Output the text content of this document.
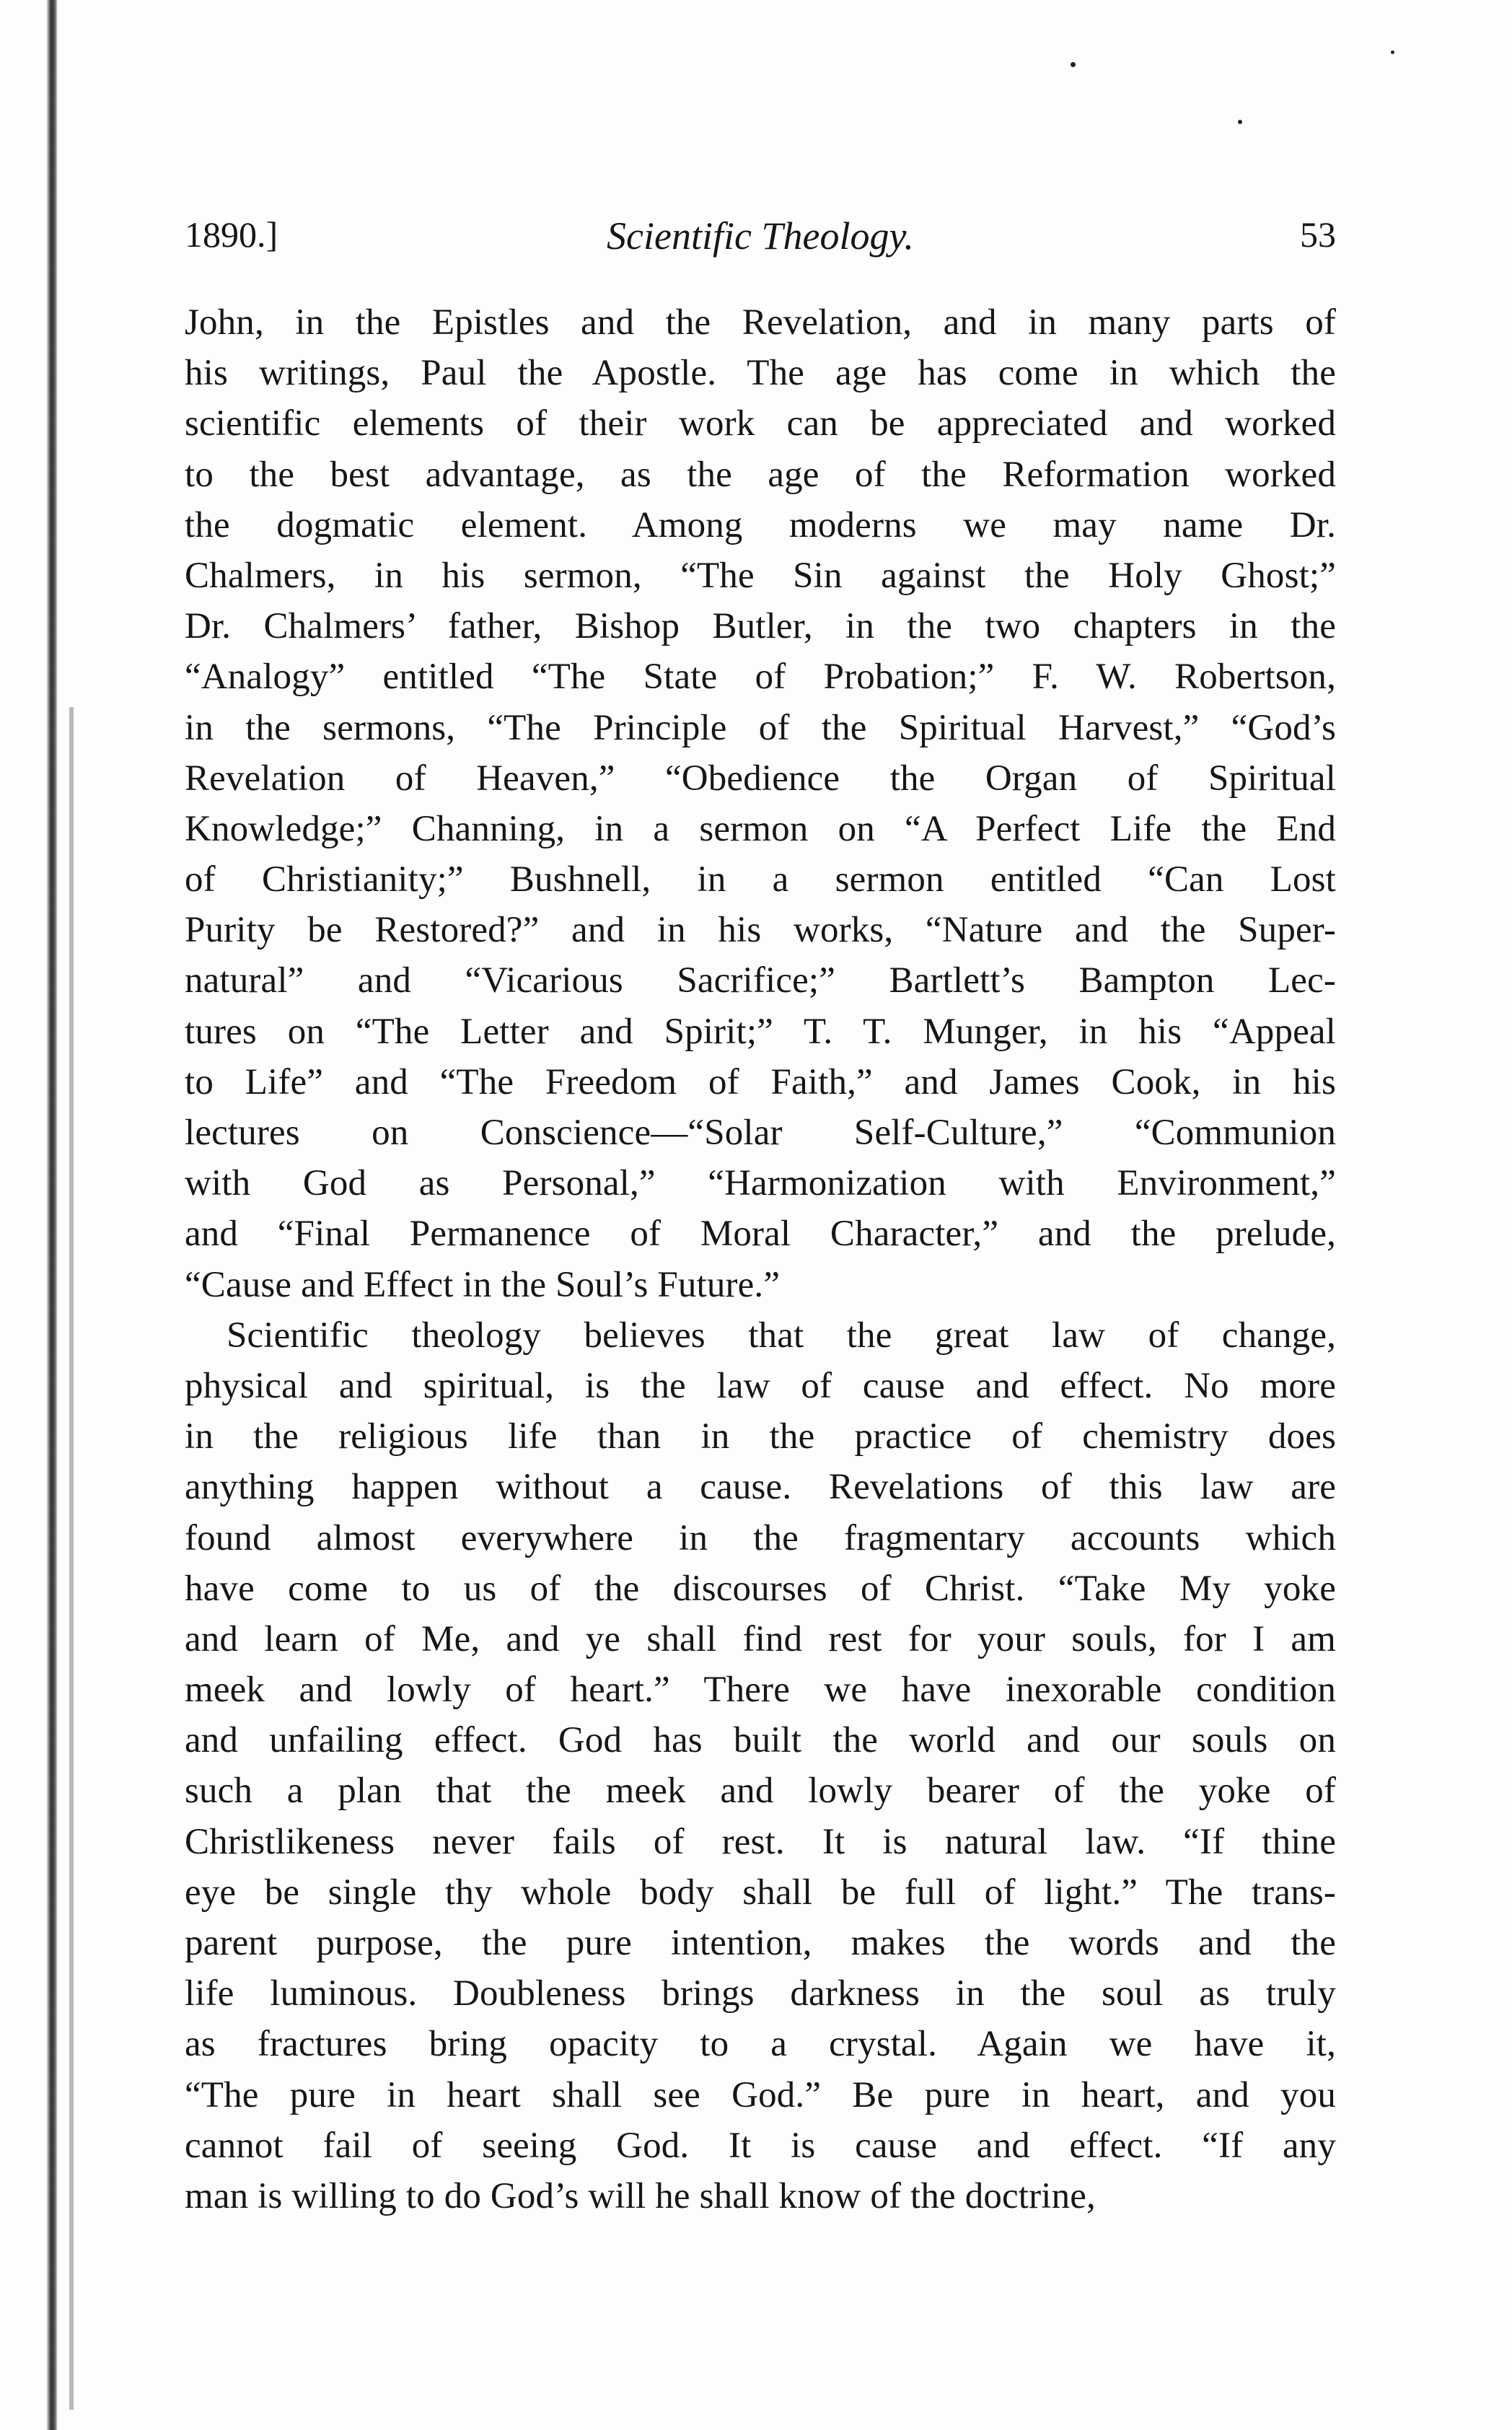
1890.]	Scientific Theology.	53
John, in the Epistles and the Revelation, and in many parts of
his writings, Paul the Apostle. The age has come in which the
scientific elements of their work can be appreciated and worked
to the best advantage, as the age of the Reformation worked
the dogmatic element. Among moderns we may name Dr.
Chalmers, in his sermon, “The Sin against the Holy Ghost;”
Dr. Chalmers’ father, Bishop Butler, in the two chapters in the
“Analogy” entitled “The State of Probation;” F. W. Robertson,
in the sermons, “The Principle of the Spiritual Harvest,” “God’s
Revelation of Heaven,” “Obedience the Organ of Spiritual
Knowledge;” Channing, in a sermon on “A Perfect Life the End
of Christianity;” Bushnell, in a sermon entitled “Can Lost
Purity be Restored?” and in his works, “Nature and the Super-
natural” and “Vicarious Sacrifice;” Bartlett’s Bampton Lec-
tures on “The Letter and Spirit;” T. T. Munger, in his “Appeal
to Life” and “The Freedom of Faith,” and James Cook, in his
lectures on Conscience—“Solar Self-Culture,” “Communion
with God as Personal,” “Harmonization with Environment,”
and “Final Permanence of Moral Character,” and the prelude,
“Cause and Effect in the Soul’s Future.”
Scientific theology believes that the great law of change,
physical and spiritual, is the law of cause and effect. No more
in the religious life than in the practice of chemistry does
anything happen without a cause. Revelations of this law are
found almost everywhere in the fragmentary accounts which
have come to us of the discourses of Christ. “Take My yoke
and learn of Me, and ye shall find rest for your souls, for I am
meek and lowly of heart.” There we have inexorable condition
and unfailing effect. God has built the world and our souls on
such a plan that the meek and lowly bearer of the yoke of
Christlikeness never fails of rest. It is natural law. “If thine
eye be single thy whole body shall be full of light.” The trans-
parent purpose, the pure intention, makes the words and the
life luminous. Doubleness brings darkness in the soul as truly
as fractures bring opacity to a crystal. Again we have it,
“The pure in heart shall see God.” Be pure in heart, and you
cannot fail of seeing God. It is cause and effect. “If any
man is willing to do God’s will he shall know of the doctrine,
